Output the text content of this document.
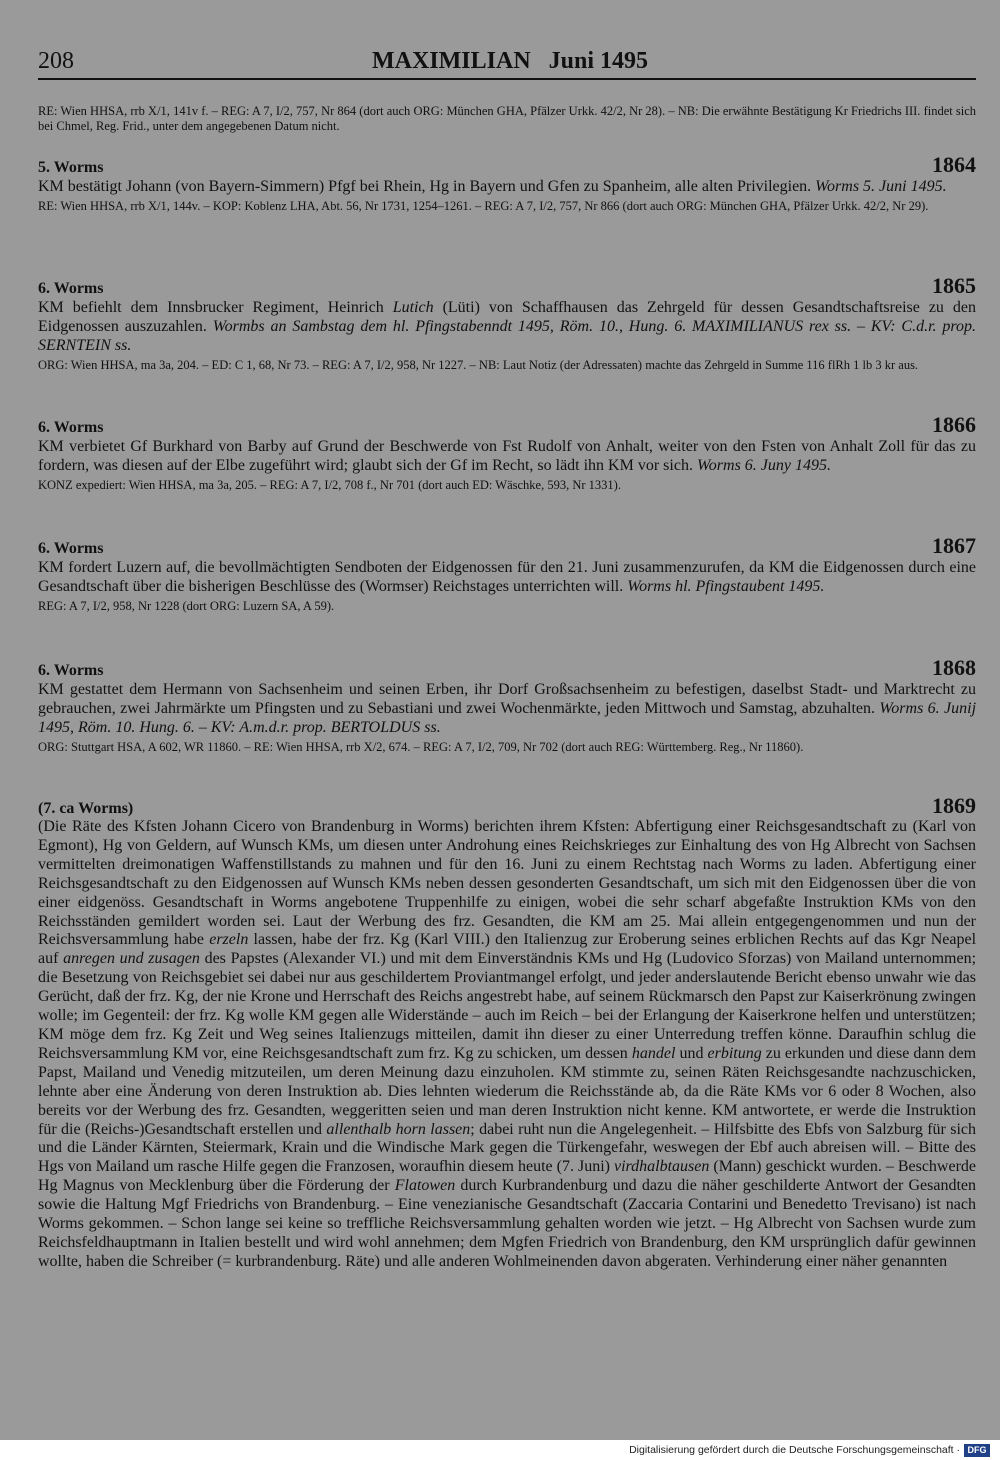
208	MAXIMILIAN   Juni 1495

RE: Wien HHSA, rrb X/1, 141v f. – REG: A 7, I/2, 757, Nr 864 (dort auch ORG: München GHA, Pfälzer Urkk. 42/2, Nr 28). – NB: Die erwähnte Bestätigung Kr Friedrichs III. findet sich bei Chmel, Reg. Frid., unter dem angegebenen Datum nicht.

5. Worms	1864

KM bestätigt Johann (von Bayern-Simmern) Pfgf bei Rhein, Hg in Bayern und Gfen zu Spanheim, alle alten Privilegien. Worms 5. Juni 1495.

RE: Wien HHSA, rrb X/1, 144v. – KOP: Koblenz LHA, Abt. 56, Nr 1731, 1254–1261. – REG: A 7, I/2, 757, Nr 866 (dort auch ORG: München GHA, Pfälzer Urkk. 42/2, Nr 29).

6. Worms	1865

KM befiehlt dem Innsbrucker Regiment, Heinrich Lutich (Lüti) von Schaffhausen das Zehrgeld für dessen Gesandtschaftsreise zu den Eidgenossen auszuzahlen. Wormbs an Sambstag dem hl. Pfingstabenndt 1495, Röm. 10., Hung. 6. MAXIMILIANUS rex ss. – KV: C.d.r. prop. SERNTEIN ss.

ORG: Wien HHSA, ma 3a, 204. – ED: C 1, 68, Nr 73. – REG: A 7, I/2, 958, Nr 1227. – NB: Laut Notiz (der Adressaten) machte das Zehrgeld in Summe 116 flRh 1 lb 3 kr aus.

6. Worms	1866

KM verbietet Gf Burkhard von Barby auf Grund der Beschwerde von Fst Rudolf von Anhalt, weiter von den Fsten von Anhalt Zoll für das zu fordern, was diesen auf der Elbe zugeführt wird; glaubt sich der Gf im Recht, so lädt ihn KM vor sich. Worms 6. Juny 1495.

KONZ expediert: Wien HHSA, ma 3a, 205. – REG: A 7, I/2, 708 f., Nr 701 (dort auch ED: Wäschke, 593, Nr 1331).

6. Worms	1867

KM fordert Luzern auf, die bevollmächtigten Sendboten der Eidgenossen für den 21. Juni zusammenzurufen, da KM die Eidgenossen durch eine Gesandtschaft über die bisherigen Beschlüsse des (Wormser) Reichstages unterrichten will. Worms hl. Pfingstaubent 1495.

REG: A 7, I/2, 958, Nr 1228 (dort ORG: Luzern SA, A 59).

6. Worms	1868

KM gestattet dem Hermann von Sachsenheim und seinen Erben, ihr Dorf Großsachsenheim zu befestigen, daselbst Stadt- und Marktrecht zu gebrauchen, zwei Jahrmärkte um Pfingsten und zu Sebastiani und zwei Wochenmärkte, jeden Mittwoch und Samstag, abzuhalten. Worms 6. Junij 1495, Röm. 10. Hung. 6. – KV: A.m.d.r. prop. BERTOLDUS ss.

ORG: Stuttgart HSA, A 602, WR 11860. – RE: Wien HHSA, rrb X/2, 674. – REG: A 7, I/2, 709, Nr 702 (dort auch REG: Württemberg. Reg., Nr 11860).

(7. ca Worms)	1869

(Die Räte des Kfsten Johann Cicero von Brandenburg in Worms) berichten ihrem Kfsten: Abfertigung einer Reichsgesandtschaft zu (Karl von Egmont), Hg von Geldern, auf Wunsch KMs, um diesen unter Androhung eines Reichskrieges zur Einhaltung des von Hg Albrecht von Sachsen vermittelten dreimonatigen Waffenstillstands zu mahnen und für den 16. Juni zu einem Rechtstag nach Worms zu laden. Abfertigung einer Reichsgesandtschaft zu den Eidgenossen auf Wunsch KMs neben dessen gesonderten Gesandtschaft, um sich mit den Eidgenossen über die von einer eidgenöss. Gesandtschaft in Worms angebotene Truppenhilfe zu einigen, wobei die sehr scharf abgefaßte Instruktion KMs von den Reichsständen gemildert worden sei. Laut der Werbung des frz. Gesandten, die KM am 25. Mai allein entgegengenommen und nun der Reichsversammlung habe erzeln lassen, habe der frz. Kg (Karl VIII.) den Italienzug zur Eroberung seines erblichen Rechts auf das Kgr Neapel auf anregen und zusagen des Papstes (Alexander VI.) und mit dem Einverständnis KMs und Hg (Ludovico Sforzas) von Mailand unternommen; die Besetzung von Reichsgebiet sei dabei nur aus geschildertem Proviantmangel erfolgt, und jeder anderslautende Bericht ebenso unwahr wie das Gerücht, daß der frz. Kg, der nie Krone und Herrschaft des Reichs angestrebt habe, auf seinem Rückmarsch den Papst zur Kaiserkrönung zwingen wolle; im Gegenteil: der frz. Kg wolle KM gegen alle Widerstände – auch im Reich – bei der Erlangung der Kaiserkrone helfen und unterstützen; KM möge dem frz. Kg Zeit und Weg seines Italienzugs mitteilen, damit ihn dieser zu einer Unterredung treffen könne. Daraufhin schlug die Reichsversammlung KM vor, eine Reichsgesandtschaft zum frz. Kg zu schicken, um dessen handel und erbitung zu erkunden und diese dann dem Papst, Mailand und Venedig mitzuteilen, um deren Meinung dazu einzuholen. KM stimmte zu, seinen Räten Reichsgesandte nachzuschicken, lehnte aber eine Änderung von deren Instruktion ab. Dies lehnten wiederum die Reichsstände ab, da die Räte KMs vor 6 oder 8 Wochen, also bereits vor der Werbung des frz. Gesandten, weggeritten seien und man deren Instruktion nicht kenne. KM antwortete, er werde die Instruktion für die (Reichs-)Gesandtschaft erstellen und allenthalb horn lassen; dabei ruht nun die Angelegenheit. – Hilfsbitte des Ebfs von Salzburg für sich und die Länder Kärnten, Steiermark, Krain und die Windische Mark gegen die Türkengefahr, weswegen der Ebf auch abreisen will. – Bitte des Hgs von Mailand um rasche Hilfe gegen die Franzosen, woraufhin diesem heute (7. Juni) virdhalbtausen (Mann) geschickt wurden. – Beschwerde Hg Magnus von Mecklenburg über die Förderung der Flatowen durch Kurbrandenburg und dazu die näher geschilderte Antwort der Gesandten sowie die Haltung Mgf Friedrichs von Brandenburg. – Eine venezianische Gesandtschaft (Zaccaria Contarini und Benedetto Trevisano) ist nach Worms gekommen. – Schon lange sei keine so treffliche Reichsversammlung gehalten worden wie jetzt. – Hg Albrecht von Sachsen wurde zum Reichsfeldhauptmann in Italien bestellt und wird wohl annehmen; dem Mgfen Friedrich von Brandenburg, den KM ursprünglich dafür gewinnen wollte, haben die Schreiber (= kurbrandenburg. Räte) und alle anderen Wohlmeinenden davon abgeraten. Verhinderung einer näher genannten

Digitalisierung gefördert durch die Deutsche Forschungsgemeinschaft · DFG
